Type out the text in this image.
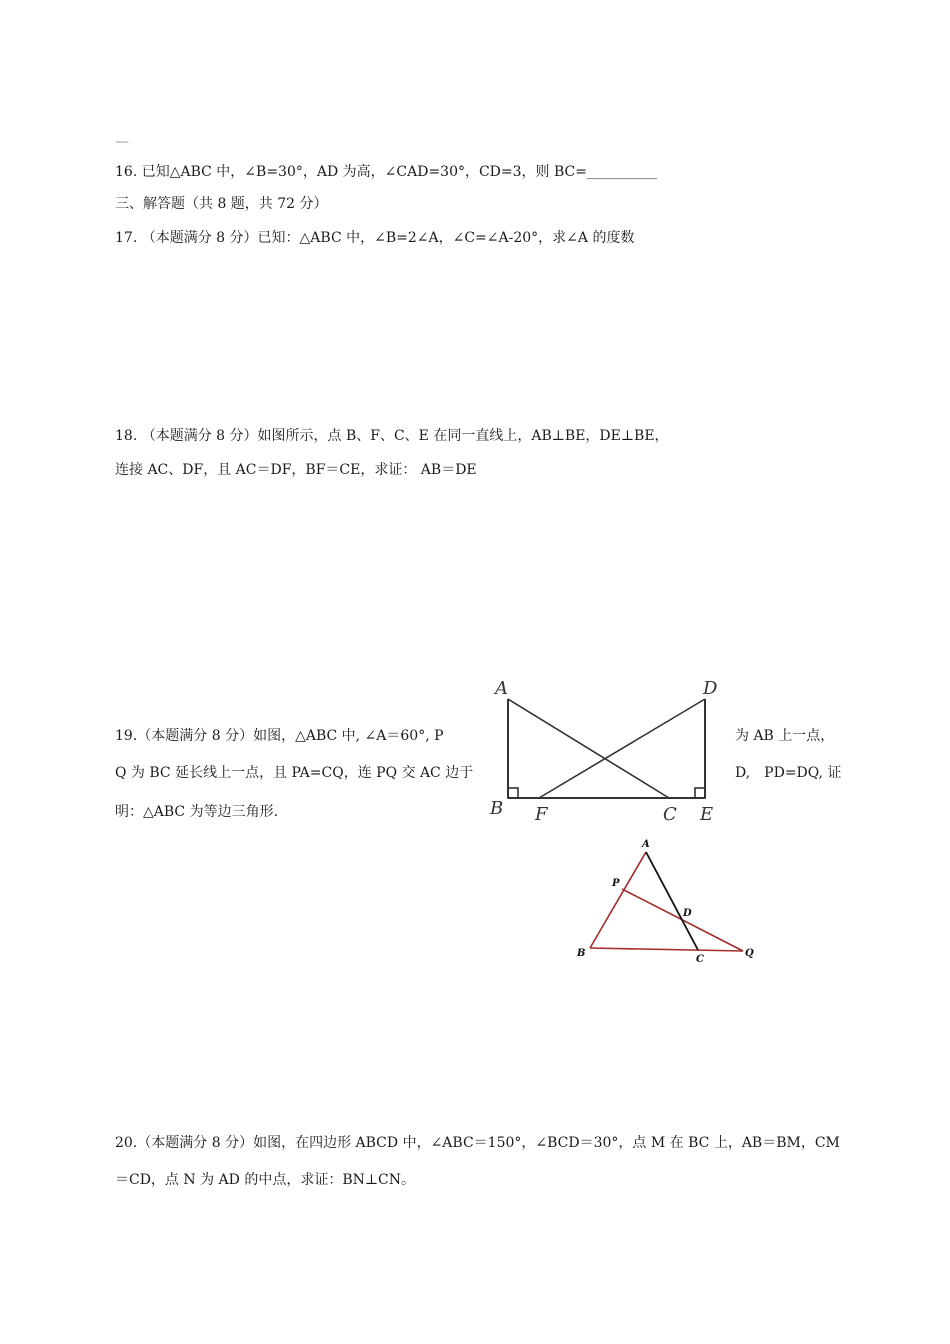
—
16. 已知△ABC 中，∠B=30°，AD 为高，∠CAD=30°，CD=3，则 BC=__________
三、解答题（共 8 题，共 72 分）
17. （本题满分 8 分）已知：△ABC 中，∠B=2∠A，∠C=∠A-20°，求∠A 的度数
18. （本题满分 8 分）如图所示，点 B、F、C、E 在同一直线上，AB⊥BE，DE⊥BE，
连接 AC、DF，且 AC＝DF，BF＝CE，求证： AB＝DE
19.（本题满分 8 分）如图，△ABC 中, ∠A＝60°, P	为 AB 上一点，
Q 为 BC 延长线上一点，且 PA=CQ，连 PQ 交 AC 边于	D,　PD=DQ, 证
明：△ABC 为等边三角形.
20.（本题满分 8 分）如图，在四边形 ABCD 中，∠ABC＝150°，∠BCD＝30°，点 M 在 BC 上，AB＝BM，CM
＝CD，点 N 为 AD 的中点，求证：BN⊥CN。
A	D
B F	C E
A
P
D
B
C
Q
